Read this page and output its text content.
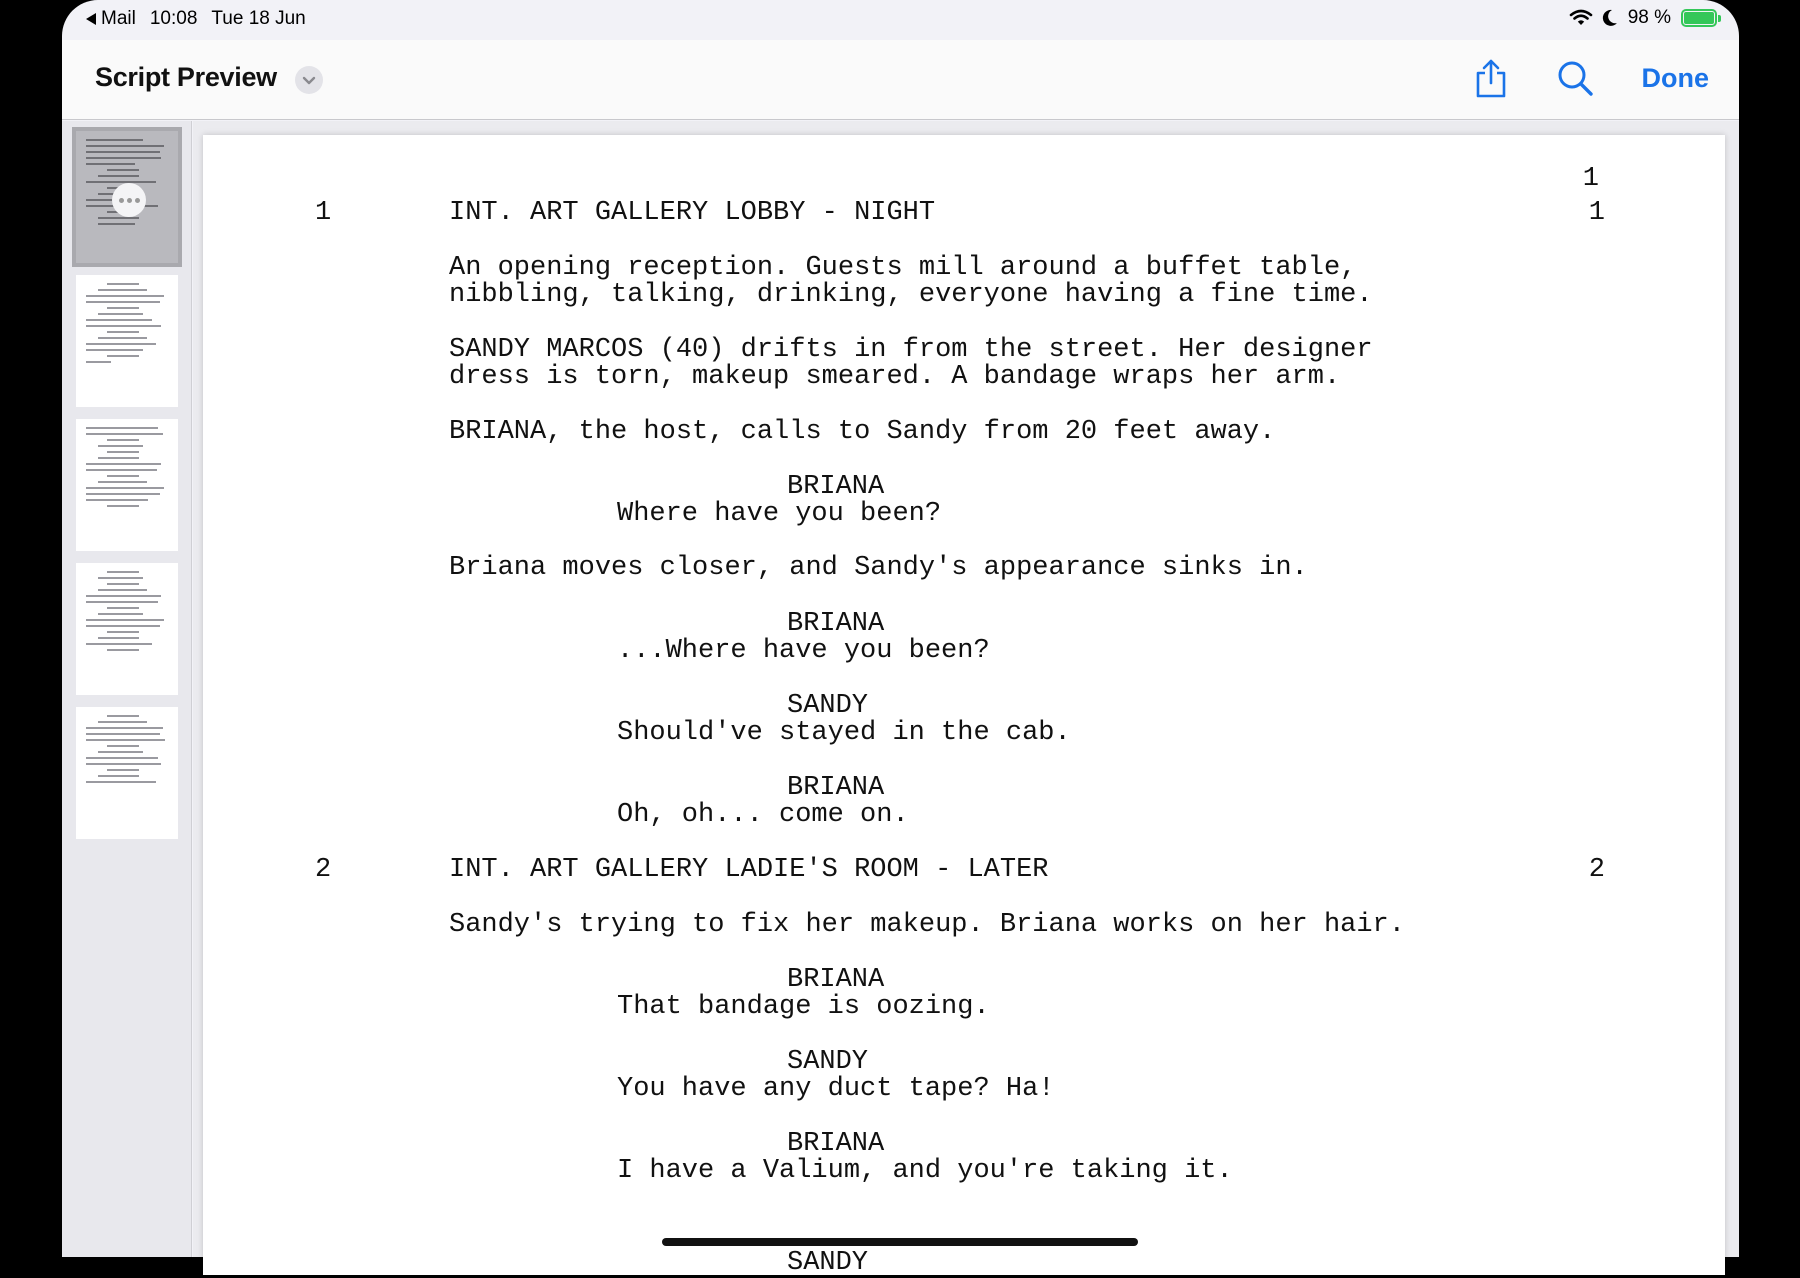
Mail 10:08 Tue 18 Jun	98 %
Script Preview	Done
1
1	INT. ART GALLERY LOBBY - NIGHT	1
An opening reception. Guests mill around a buffet table,
nibbling, talking, drinking, everyone having a fine time.
SANDY MARCOS (40) drifts in from the street. Her designer
dress is torn, makeup smeared. A bandage wraps her arm.
BRIANA, the host, calls to Sandy from 20 feet away.
BRIANA
Where have you been?
Briana moves closer, and Sandy's appearance sinks in.
BRIANA
...Where have you been?
SANDY
Should've stayed in the cab.
BRIANA
Oh, oh... come on.
2	INT. ART GALLERY LADIE'S ROOM - LATER	2
Sandy's trying to fix her makeup. Briana works on her hair.
BRIANA
That bandage is oozing.
SANDY
You have any duct tape? Ha!
BRIANA
I have a Valium, and you're taking it.
SANDY
